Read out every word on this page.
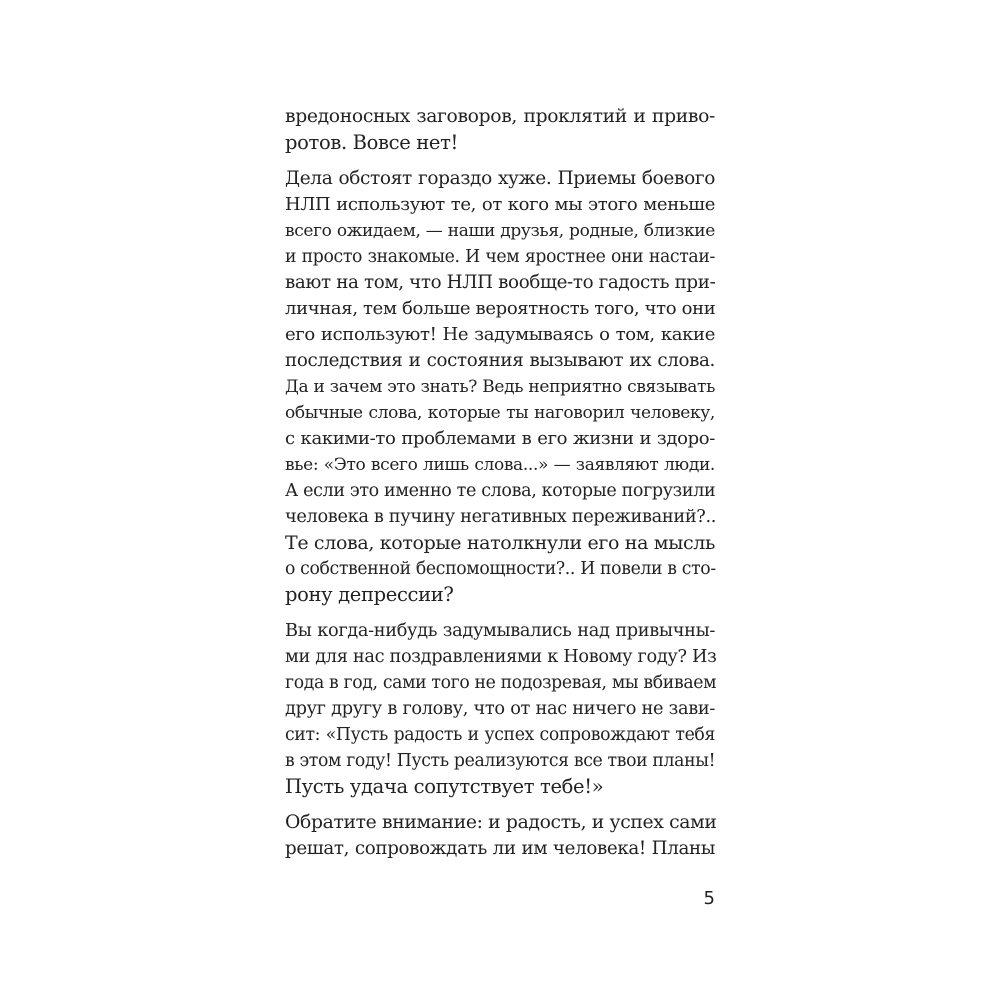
вредоносных заговоров, проклятий и приво-
ротов. Вовсе нет!
Дела обстоят гораздо хуже. Приемы боевого
НЛП используют те, от кого мы этого меньше
всего ожидаем, — наши друзья, родные, близкие
и просто знакомые. И чем яростнее они настаи-
вают на том, что НЛП вообще-то гадость при-
личная, тем больше вероятность того, что они
его используют! Не задумываясь о том, какие
последствия и состояния вызывают их слова.
Да и зачем это знать? Ведь неприятно связывать
обычные слова, которые ты наговорил человеку,
с какими-то проблемами в его жизни и здоро-
вье: «Это всего лишь слова...» — заявляют люди.
А если это именно те слова, которые погрузили
человека в пучину негативных переживаний?..
Те слова, которые натолкнули его на мысль
о собственной беспомощности?.. И повели в сто-
рону депрессии?
Вы когда-нибудь задумывались над привычны-
ми для нас поздравлениями к Новому году? Из
года в год, сами того не подозревая, мы вбиваем
друг другу в голову, что от нас ничего не зави-
сит: «Пусть радость и успех сопровождают тебя
в этом году! Пусть реализуются все твои планы!
Пусть удача сопутствует тебе!»
Обратите внимание: и радость, и успех сами
решат, сопровождать ли им человека! Планы
5
